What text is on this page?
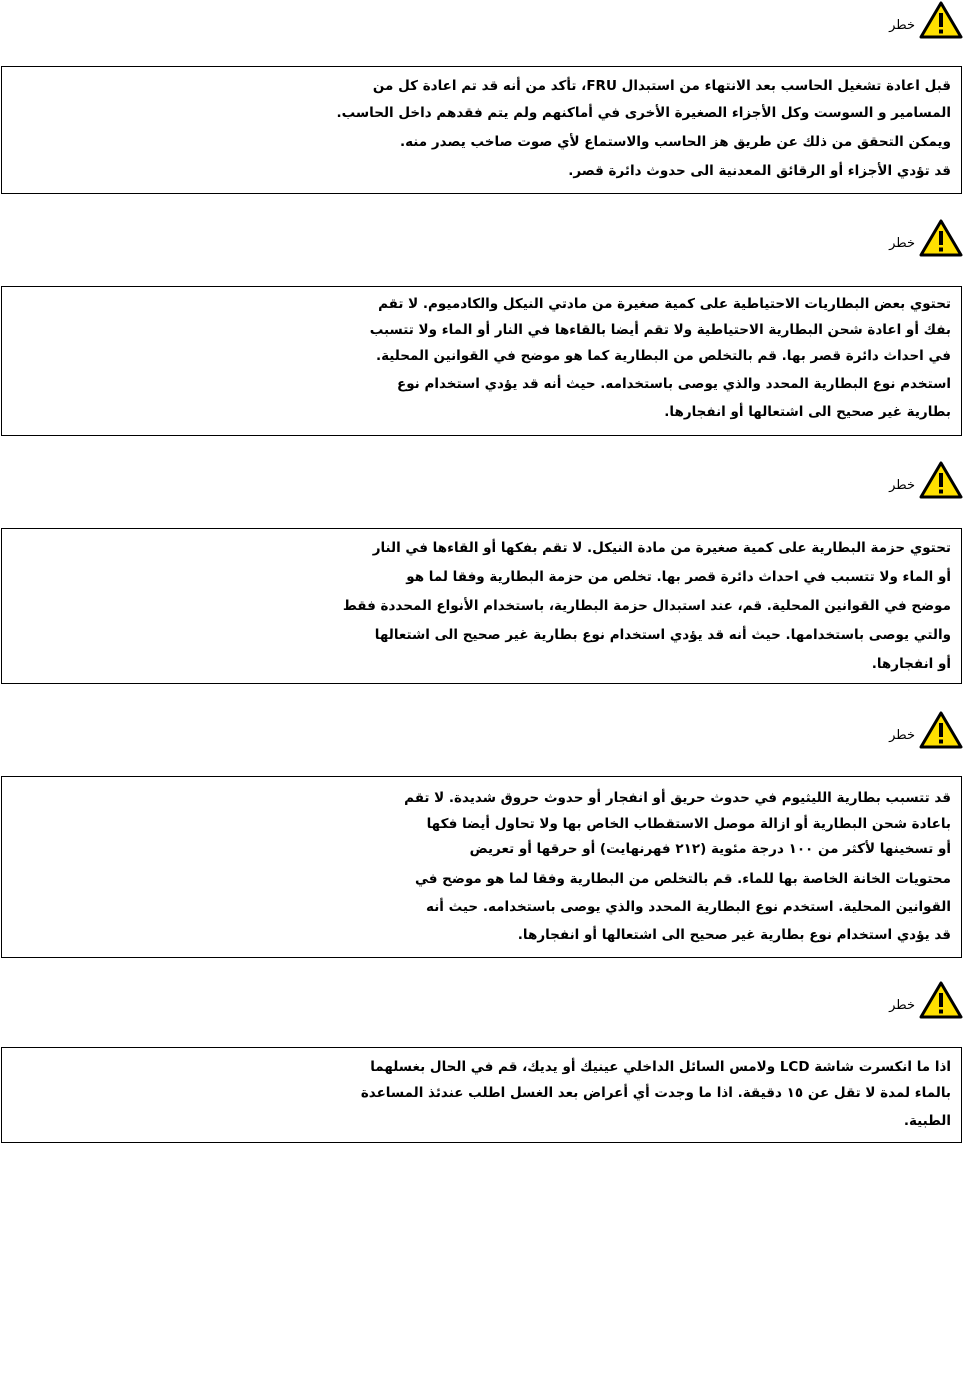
خطر
قبل اعادة تشغيل الحاسب بعد الانتهاء من استبدال FRU، تأكد من أنه قد تم اعادة كل من
المسامير و السوست وكل الأجزاء الصغيرة الأخرى في أماكنهم ولم يتم فقدهم داخل الحاسب.
ويمكن التحقق من ذلك عن طريق هز الحاسب والاستماع لأي صوت صاخب يصدر منه.
قد تؤدي الأجزاء أو الرقائق المعدنية الى حدوث دائرة قصر.
خطر
تحتوي بعض البطاريات الاحتياطية على كمية صغيرة من مادتي النيكل والكادميوم. لا تقم
بفك أو اعادة شحن البطارية الاحتياطية ولا تقم أيضا بالقاءها في النار أو الماء ولا تتسبب
في احداث دائرة قصر بها. قم بالتخلص من البطارية كما هو موضح في القوانين المحلية.
استخدم نوع البطارية المحدد والذي يوصى باستخدامه. حيث أنه قد يؤدي استخدام نوع
بطارية غير صحيح الى اشتعالها أو انفجارها.
خطر
تحتوي حزمة البطارية على كمية صغيرة من مادة النيكل. لا تقم بفكها أو القاءها في النار
أو الماء ولا تتسبب في احداث دائرة قصر بها. تخلص من حزمة البطارية وفقا لما هو
موضح في القوانين المحلية. قم، عند استبدال حزمة البطارية، باستخدام الأنواع المحددة فقط
والتي يوصى باستخدامها. حيث أنه قد يؤدي استخدام نوع بطارية غير صحيح الى اشتعالها
أو انفجارها.
خطر
قد تتسبب بطارية الليثيوم في حدوث حريق أو انفجار أو حدوث حروق شديدة. لا تقم
باعادة شحن البطارية أو ازالة موصل الاستقطاب الخاص بها ولا تحاول أيضا فكها
أو تسخينها لأكثر من ١٠٠ درجة مئوية (٢١٢ فهرنهايت) أو حرقها أو تعريض
محتويات الخانة الخاصة بها للماء. قم بالتخلص من البطارية وفقا لما هو موضح في
القوانين المحلية. استخدم نوع البطارية المحدد والذي يوصى باستخدامه. حيث أنه
قد يؤدي استخدام نوع بطارية غير صحيح الى اشتعالها أو انفجارها.
خطر
اذا ما انكسرت شاشة LCD ولامس السائل الداخلي عينيك أو يديك، قم في الحال بغسلهما
بالماء لمدة لا تقل عن ١٥ دقيقة. اذا ما وجدت أي أعراض بعد الغسل اطلب عندئذ المساعدة
الطبية.
